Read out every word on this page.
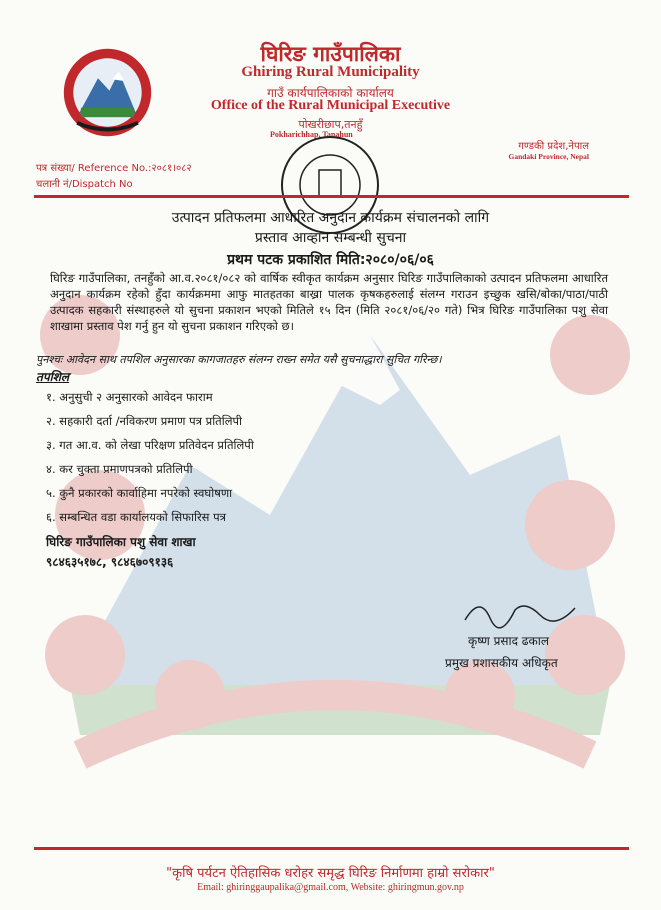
घिरिङ गाउँपालिका
Ghiring Rural Municipality
गाउँ कार्यपालिकाको कार्यालय
Office of the Rural Municipal Executive
पोखरीछाप,तनहुँ
Pokharichhap, Tanahun
गण्डकी प्रदेश,नेपाल
Gandaki Province, Nepal
पत्र संख्या/ Reference No.:२०८१।०८२
चलानी नं/Dispatch No
उत्पादन प्रतिफलमा आधारित अनुदान कार्यक्रम संचालनको लागि
प्रस्ताव आव्हान सम्बन्धी सुचना
प्रथम पटक प्रकाशित मिति:२०८०/०६/०६
घिरिङ गाउँपालिका, तनहुँको आ.व.२०८१/०८२ को वार्षिक स्वीकृत कार्यक्रम अनुसार घिरिङ गाउँपालिकाको उत्पादन प्रतिफलमा आधारित अनुदान कार्यक्रम रहेको हुँदा कार्यक्रममा आफु मातहतका बाख्रा पालक कृषकहरुलाई संलग्न गराउन इच्छुक खसि/बोका/पाठा/पाठी उत्पादक सहकारी संस्थाहरुले यो सुचना प्रकाशन भएको मितिले १५ दिन (मिति २०८१/०६/२० गते) भित्र घिरिङ गाउँपालिका पशु सेवा शाखामा प्रस्ताव पेश गर्नु हुन यो सुचना प्रकाशन गरिएको छ।
पुनश्चः आवेदन साथ तपशिल अनुसारका कागजातहरु संलग्न राख्न समेत यसै सुचनाद्धारा सुचित गरिन्छ।
तपशिल
१. अनुसुची २ अनुसारको आवेदन फाराम
२. सहकारी दर्ता /नविकरण प्रमाण पत्र प्रतिलिपी
३. गत आ.व. को लेखा परिक्षण प्रतिवेदन प्रतिलिपी
४. कर चुक्ता प्रमाणपत्रको प्रतिलिपी
५. कुनै प्रकारको कार्वाहिमा नपरेको स्वघोषणा
६. सम्बन्धित वडा कार्यालयको सिफारिस पत्र
घिरिङ गाउँपालिका पशु सेवा शाखा
९८४६३५१७८, ९८४६७०९१३६
कृष्ण प्रसाद ढकाल
प्रमुख प्रशासकीय अधिकृत
"कृषि पर्यटन ऐतिहासिक धरोहर समृद्ध घिरिङ निर्माणमा हाम्रो सरोकार"
Email: ghiringgaupalika@gmail.com, Website: ghiringmun.gov.np
